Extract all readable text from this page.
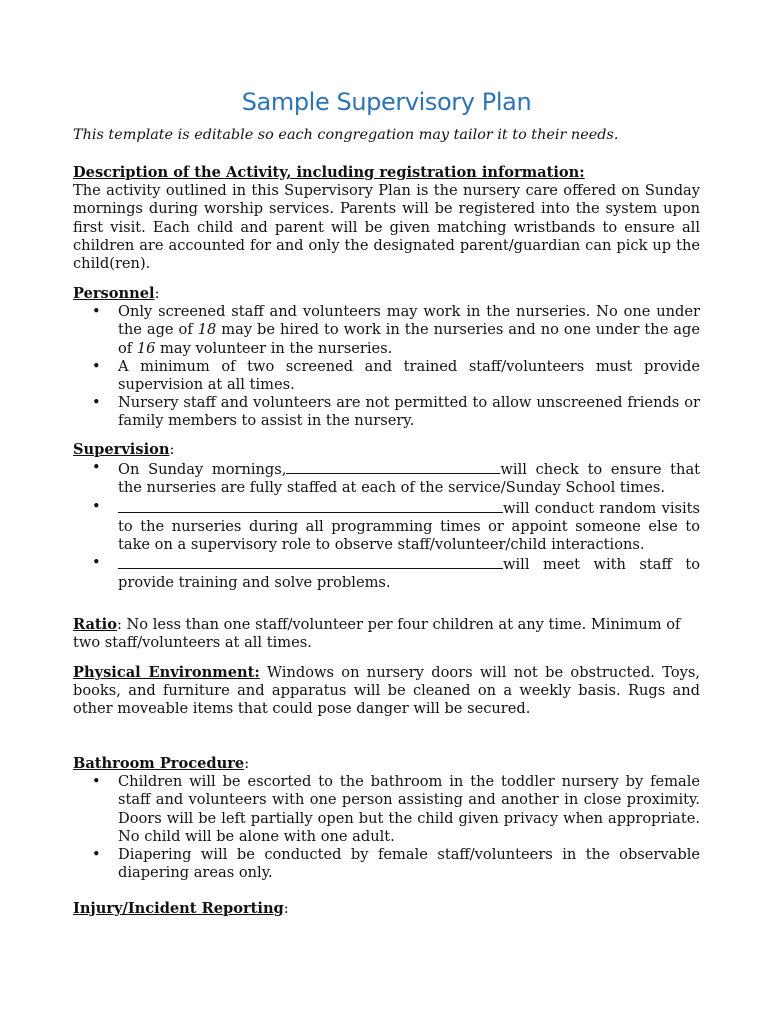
Sample Supervisory Plan
This template is editable so each congregation may tailor it to their needs.
Description of the Activity, including registration information:
The activity outlined in this Supervisory Plan is the nursery care offered on Sunday mornings during worship services. Parents will be registered into the system upon first visit. Each child and parent will be given matching wristbands to ensure all children are accounted for and only the designated parent/guardian can pick up the child(ren).
Personnel:
• Only screened staff and volunteers may work in the nurseries. No one under the age of 18 may be hired to work in the nurseries and no one under the age of 16 may volunteer in the nurseries.
• A minimum of two screened and trained staff/volunteers must provide supervision at all times.
• Nursery staff and volunteers are not permitted to allow unscreened friends or family members to assist in the nursery.
Supervision:
• On Sunday mornings,	will check to ensure that the nurseries are fully staffed at each of the service/Sunday School times.
• will conduct random visits to the nurseries during all programming times or appoint someone else to take on a supervisory role to observe staff/volunteer/child interactions.
• will meet with staff to provide training and solve problems.
Ratio: No less than one staff/volunteer per four children at any time. Minimum of two staff/volunteers at all times.
Physical Environment: Windows on nursery doors will not be obstructed. Toys, books, and furniture and apparatus will be cleaned on a weekly basis. Rugs and other moveable items that could pose danger will be secured.
Bathroom Procedure:
• Children will be escorted to the bathroom in the toddler nursery by female staff and volunteers with one person assisting and another in close proximity. Doors will be left partially open but the child given privacy when appropriate. No child will be alone with one adult.
• Diapering will be conducted by female staff/volunteers in the observable diapering areas only.
Injury/Incident Reporting:
